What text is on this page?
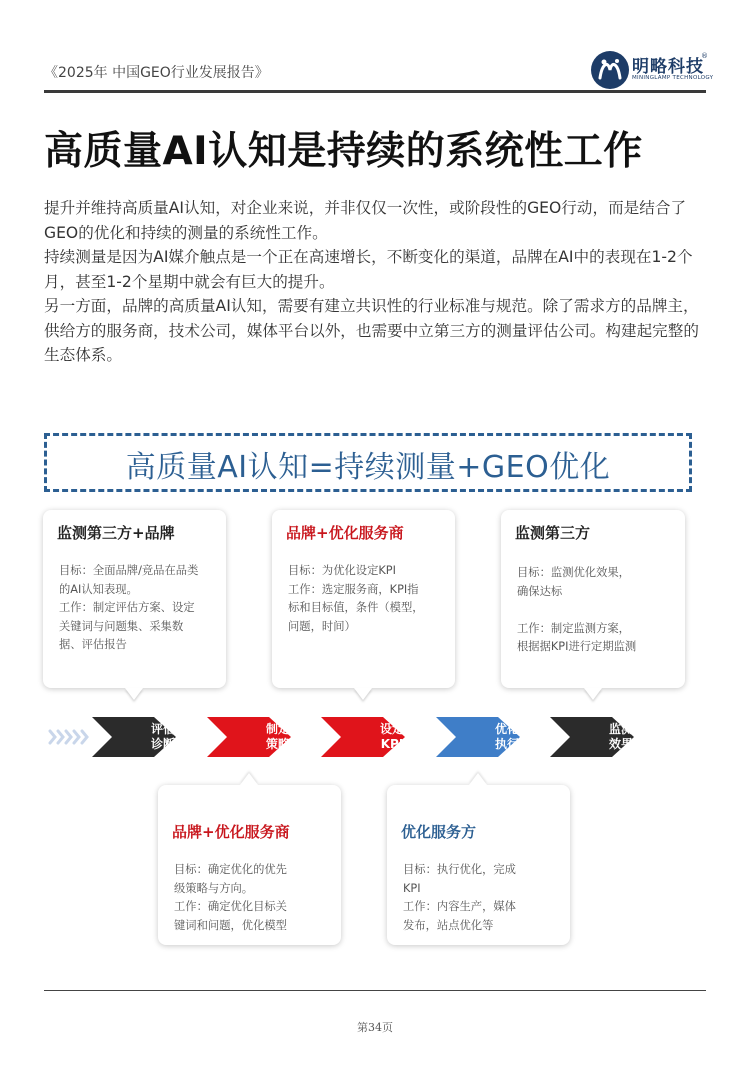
《2025年 中国GEO行业发展报告》	明略科技
®
MININGLAMP TECHNOLOGY
高质量AI认知是持续的系统性工作

提升并维持高质量AI认知，对企业来说，并非仅仅一次性，或阶段性的GEO行动，而是结合了GEO的优化和持续的测量的系统性工作。

持续测量是因为AI媒介触点是一个正在高速增长，不断变化的渠道，品牌在AI中的表现在1-2个月，甚至1-2个星期中就会有巨大的提升。

另一方面，品牌的高质量AI认知，需要有建立共识性的行业标准与规范。除了需求方的品牌主，供给方的服务商，技术公司，媒体平台以外，也需要中立第三方的测量评估公司。构建起完整的生态体系。

高质量AI认知=持续测量+GEO优化
监测第三方+品牌

目标：全面品牌/竞品在品类

的AI认知表现。

工作：制定评估方案、设定

关键词与问题集、采集数

据、评估报告

品牌+优化服务商

目标：为优化设定KPI

工作：选定服务商，KPI指

标和目标值，条件（模型，

问题，时间）

监测第三方

目标：监测优化效果，

确保达标

工作：制定监测方案，

根据据KPI进行定期监测

评估
诊断
制定
策略
设定
KPI
优化
执行
监测
效果
品牌+优化服务商

目标：确定优化的优先

级策略与方向。

工作：确定优化目标关

键词和问题，优化模型

优化服务方

目标：执行优化，完成

KPI

工作：内容生产，媒体

发布，站点优化等

第34页
